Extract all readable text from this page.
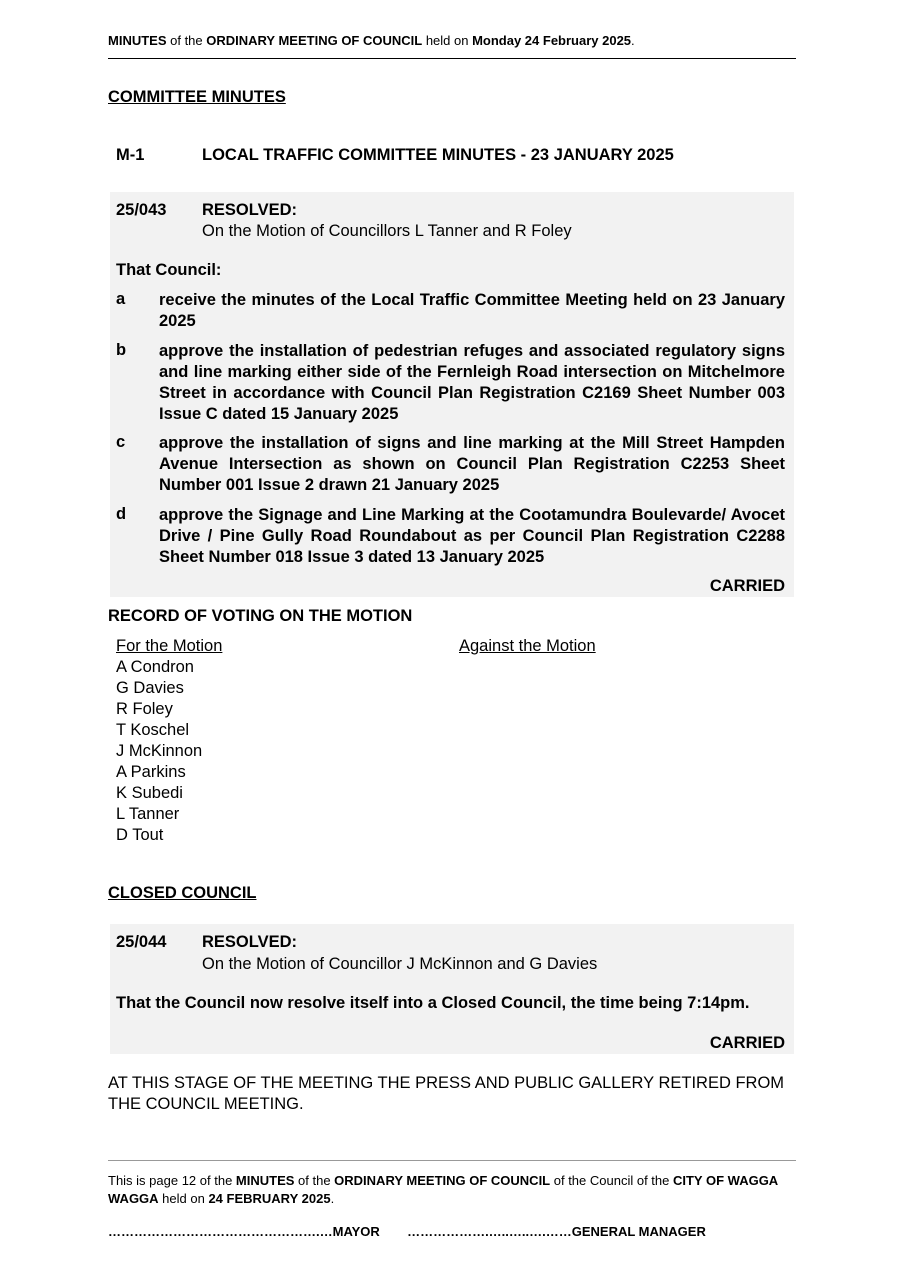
MINUTES of the ORDINARY MEETING OF COUNCIL held on Monday 24 February 2025.
COMMITTEE MINUTES
M-1	LOCAL TRAFFIC COMMITTEE MINUTES - 23 JANUARY 2025
25/043 RESOLVED:
On the Motion of Councillors L Tanner and R Foley
That Council:
a	receive the minutes of the Local Traffic Committee Meeting held on 23 January 2025
b	approve the installation of pedestrian refuges and associated regulatory signs and line marking either side of the Fernleigh Road intersection on Mitchelmore Street in accordance with Council Plan Registration C2169 Sheet Number 003 Issue C dated 15 January 2025
c	approve the installation of signs and line marking at the Mill Street Hampden Avenue Intersection as shown on Council Plan Registration C2253 Sheet Number 001 Issue 2 drawn 21 January 2025
d	approve the Signage and Line Marking at the Cootamundra Boulevarde/ Avocet Drive / Pine Gully Road Roundabout as per Council Plan Registration C2288 Sheet Number 018 Issue 3 dated 13 January 2025
CARRIED
RECORD OF VOTING ON THE MOTION
For the Motion	Against the Motion
A Condron
G Davies
R Foley
T Koschel
J McKinnon
A Parkins
K Subedi
L Tanner
D Tout
CLOSED COUNCIL
25/044 RESOLVED:
On the Motion of Councillor J McKinnon and G Davies
That the Council now resolve itself into a Closed Council, the time being 7:14pm.
CARRIED
AT THIS STAGE OF THE MEETING THE PRESS AND PUBLIC GALLERY RETIRED FROM THE COUNCIL MEETING.
This is page 12 of the MINUTES of the ORDINARY MEETING OF COUNCIL of the Council of the CITY OF WAGGA WAGGA held on 24 FEBRUARY 2025.
………………………………………….…MAYOR ……………….…..…..….……GENERAL MANAGER
